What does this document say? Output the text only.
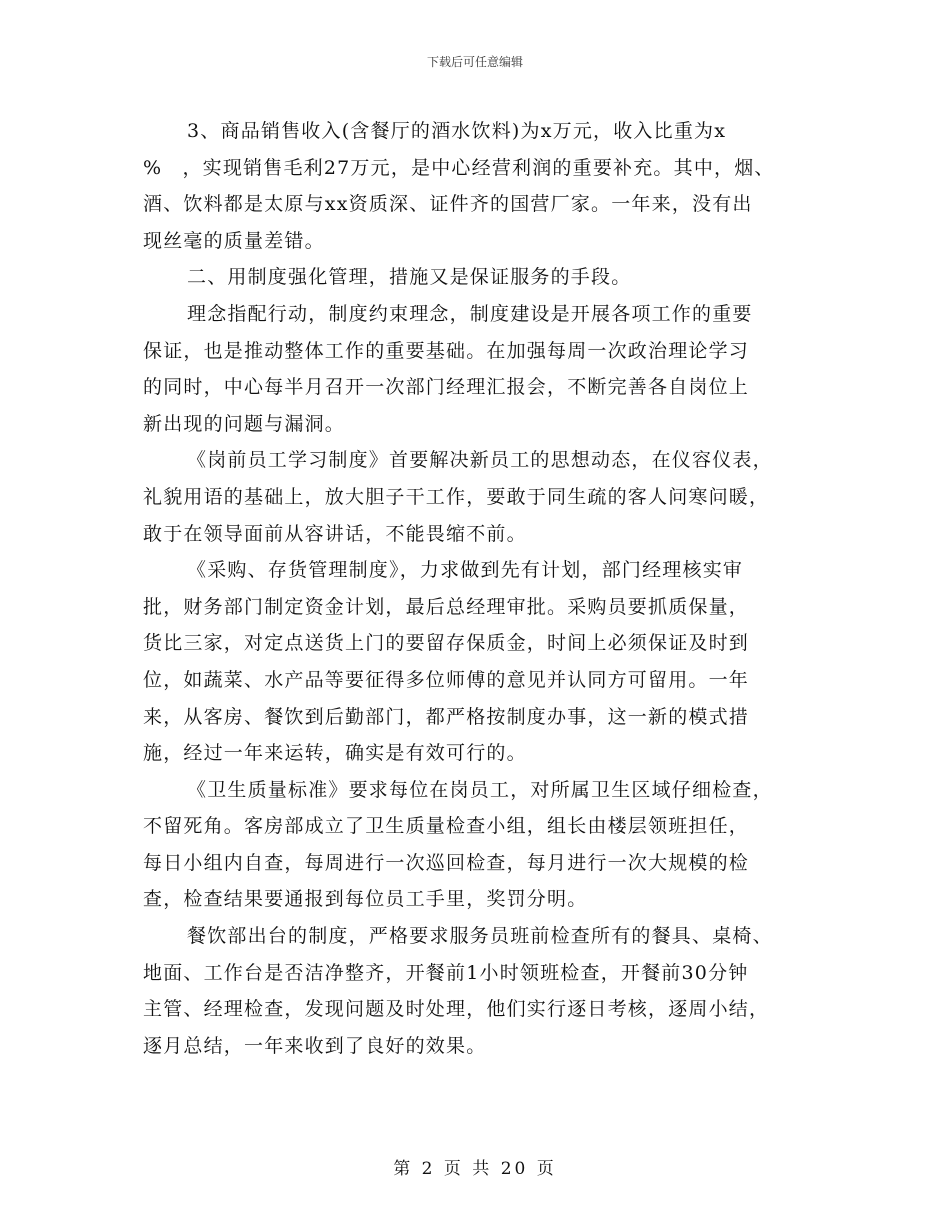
下载后可任意编辑
3、商品销售收入(含餐厅的酒水饮料)为x万元，收入比重为x
%　，实现销售毛利27万元，是中心经营利润的重要补充。其中，烟、
酒、饮料都是太原与xx资质深、证件齐的国营厂家。一年来，没有出
现丝毫的质量差错。
二、用制度强化管理，措施又是保证服务的手段。
理念指配行动，制度约束理念，制度建设是开展各项工作的重要
保证，也是推动整体工作的重要基础。在加强每周一次政治理论学习
的同时，中心每半月召开一次部门经理汇报会，不断完善各自岗位上
新出现的问题与漏洞。
《岗前员工学习制度》首要解决新员工的思想动态，在仪容仪表，
礼貌用语的基础上，放大胆子干工作，要敢于同生疏的客人问寒问暖，
敢于在领导面前从容讲话，不能畏缩不前。
《采购、存货管理制度》，力求做到先有计划，部门经理核实审
批，财务部门制定资金计划，最后总经理审批。采购员要抓质保量，
货比三家，对定点送货上门的要留存保质金，时间上必须保证及时到
位，如蔬菜、水产品等要征得多位师傅的意见并认同方可留用。一年
来，从客房、餐饮到后勤部门，都严格按制度办事，这一新的模式措
施，经过一年来运转，确实是有效可行的。
《卫生质量标准》要求每位在岗员工，对所属卫生区域仔细检查，
不留死角。客房部成立了卫生质量检查小组，组长由楼层领班担任，
每日小组内自查，每周进行一次巡回检查，每月进行一次大规模的检
查，检查结果要通报到每位员工手里，奖罚分明。
餐饮部出台的制度，严格要求服务员班前检查所有的餐具、桌椅、
地面、工作台是否洁净整齐，开餐前1小时领班检查，开餐前30分钟
主管、经理检查，发现问题及时处理，他们实行逐日考核，逐周小结，
逐月总结，一年来收到了良好的效果。
第 2 页 共 20 页
